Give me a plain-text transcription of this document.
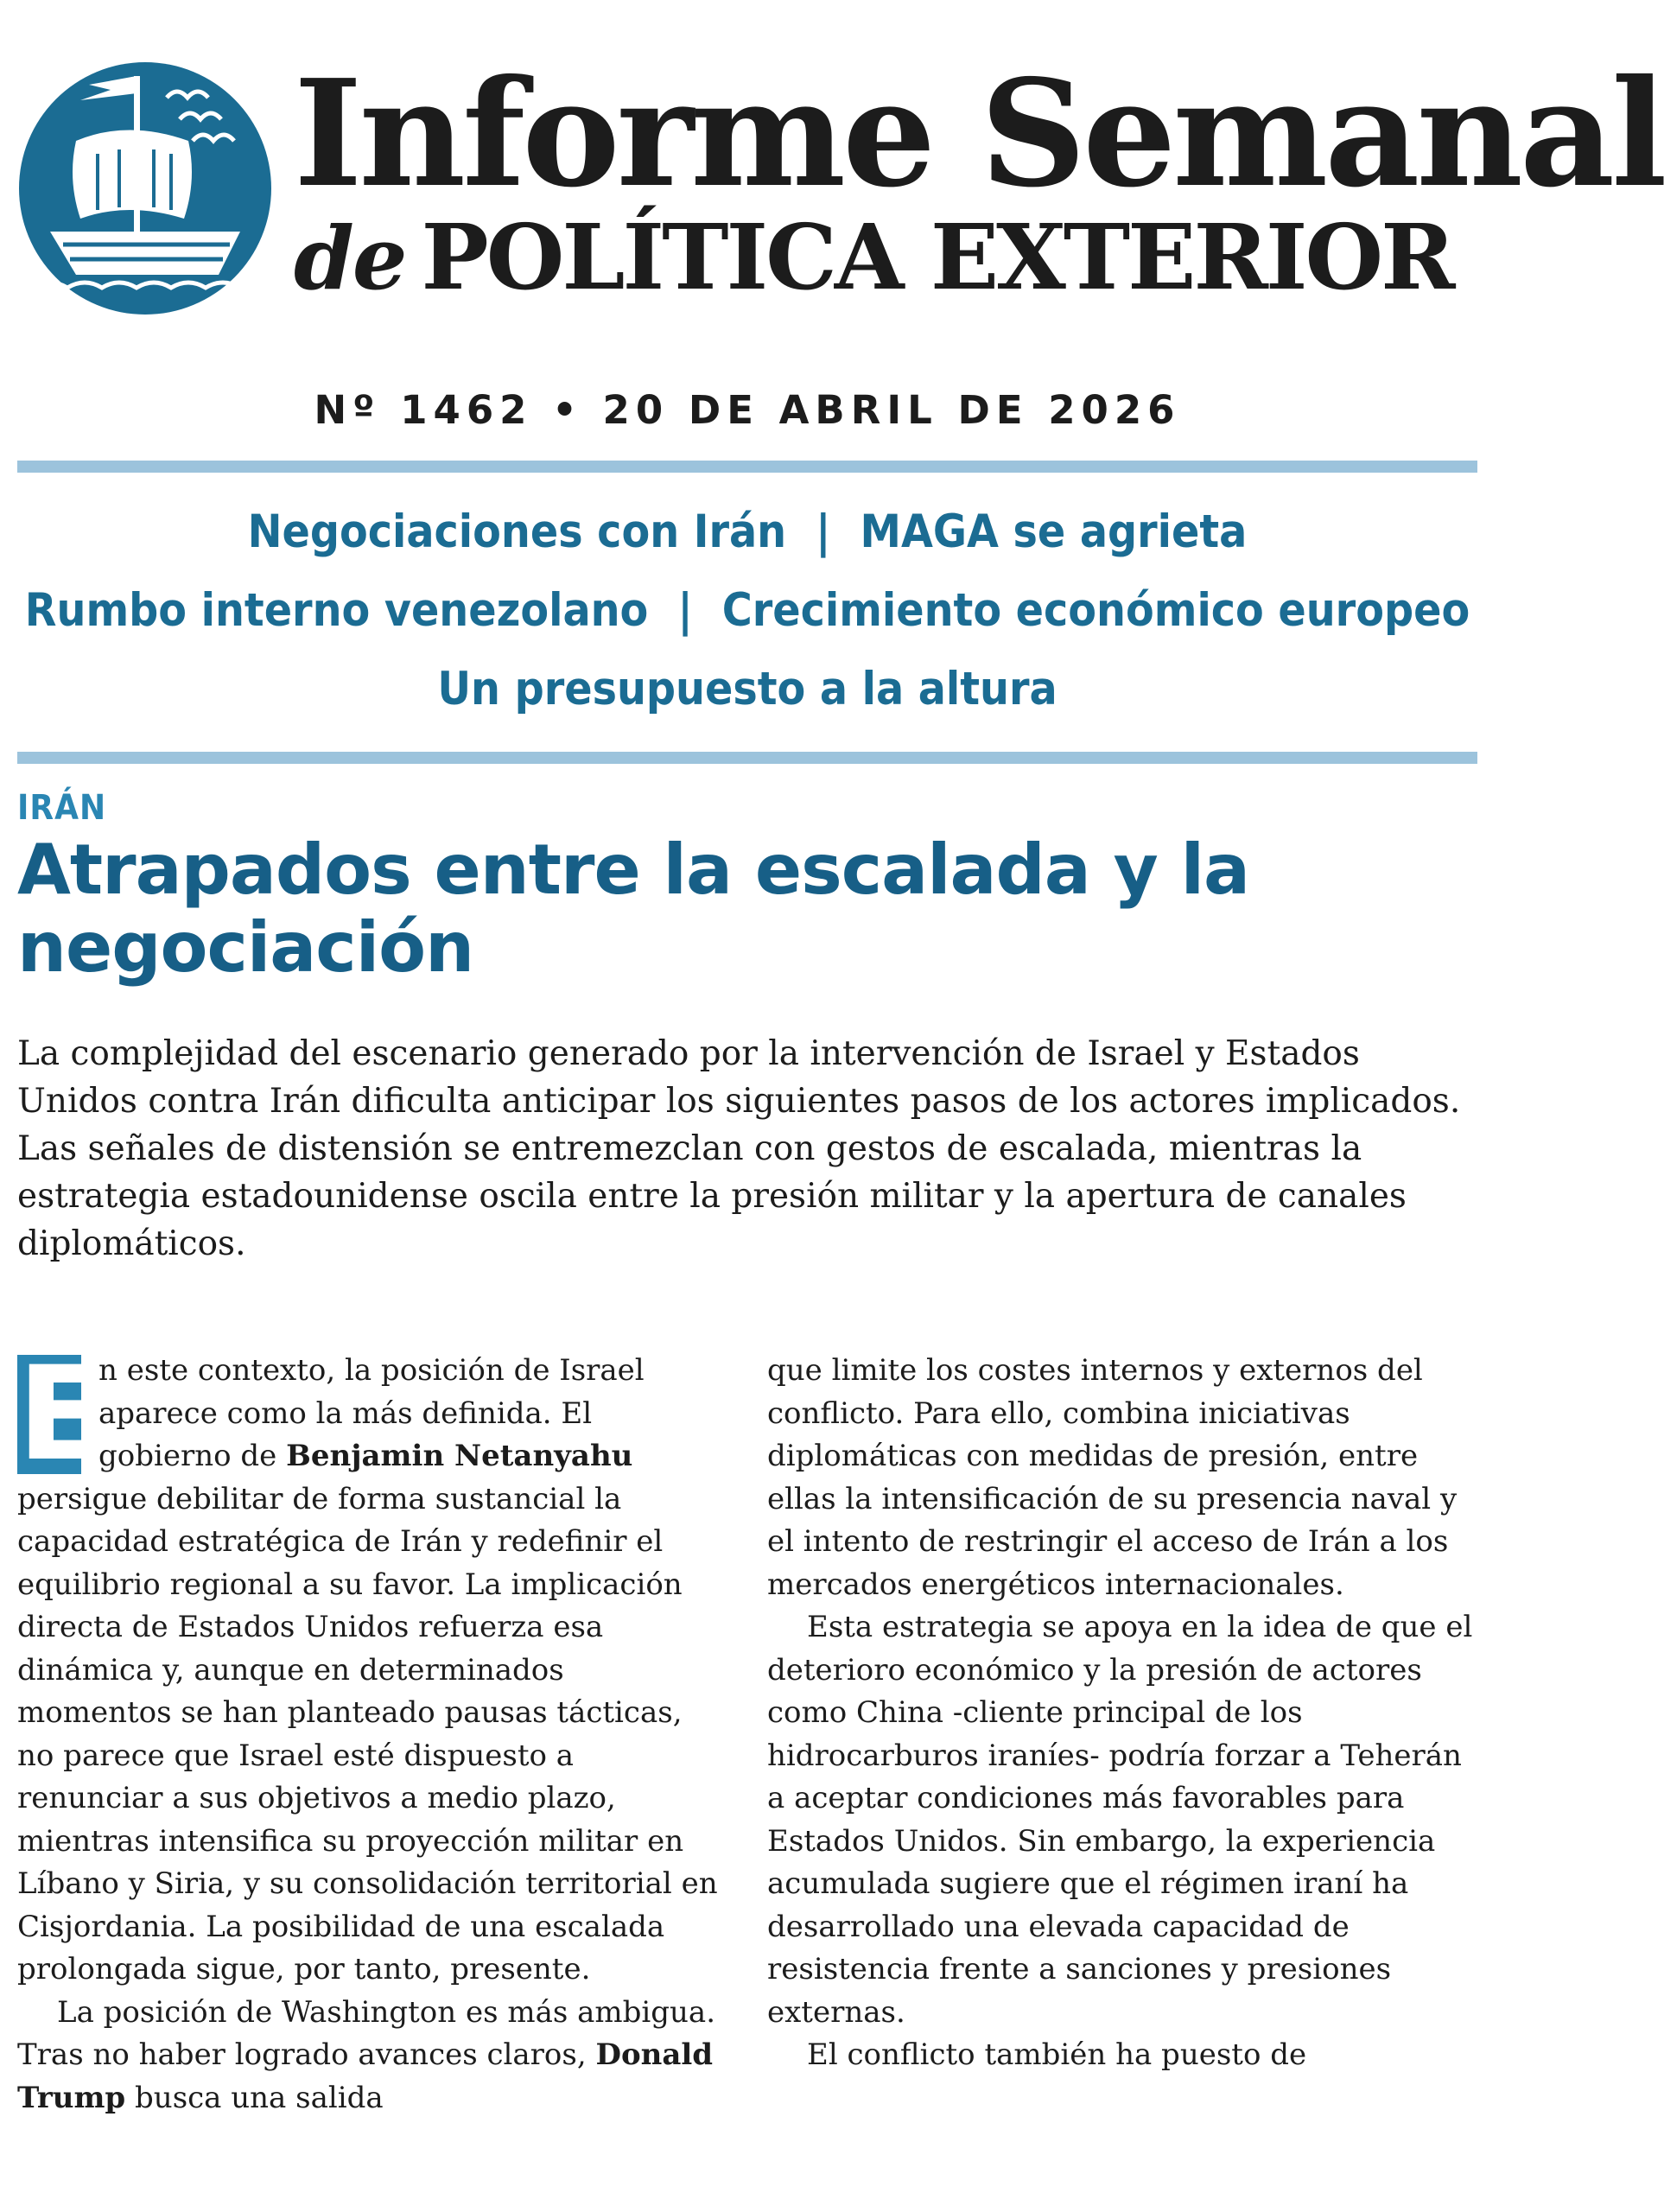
Informe Semanal
de POLÍTICA EXTERIOR
Nº 1462 • 20 DE ABRIL DE 2026
Negociaciones con Irán | MAGA se agrieta
Rumbo interno venezolano | Crecimiento económico europeo
Un presupuesto a la altura
IRÁN
Atrapados entre la escalada y la negociación

La complejidad del escenario generado por la intervención de Israel y Estados Unidos contra Irán dificulta anticipar los siguientes pasos de los actores implicados. Las señales de distensión se entremezclan con gestos de escalada, mientras la estrategia estadounidense oscila entre la presión militar y la apertura de canales diplomáticos.

E
n este contexto, la posición de Israel aparece como la más definida. El gobierno de Benjamin Netanyahu persigue debilitar de forma sustancial la capacidad estratégica de Irán y redefinir el equilibrio regional a su favor. La implicación directa de Estados Unidos refuerza esa dinámica y, aunque en determinados momentos se han planteado pausas tácticas, no parece que Israel esté dispuesto a renunciar a sus objetivos a medio plazo, mientras intensifica su proyección militar en Líbano y Siria, y su consolidación territorial en Cisjordania. La posibilidad de una escalada prolongada sigue, por tanto, presente.

La posición de Washington es más ambigua. Tras no haber logrado avances claros, Donald Trump busca una salida

que limite los costes internos y externos del conflicto. Para ello, combina iniciativas diplomáticas con medidas de presión, entre ellas la intensificación de su presencia naval y el intento de restringir el acceso de Irán a los mercados energéticos internacionales.

Esta estrategia se apoya en la idea de que el deterioro económico y la presión de actores como China -cliente principal de los hidrocarburos iraníes- podría forzar a Teherán a aceptar condiciones más favorables para Estados Unidos. Sin embargo, la experiencia acumulada sugiere que el régimen iraní ha desarrollado una elevada capacidad de resistencia frente a sanciones y presiones externas.

El conflicto también ha puesto de
